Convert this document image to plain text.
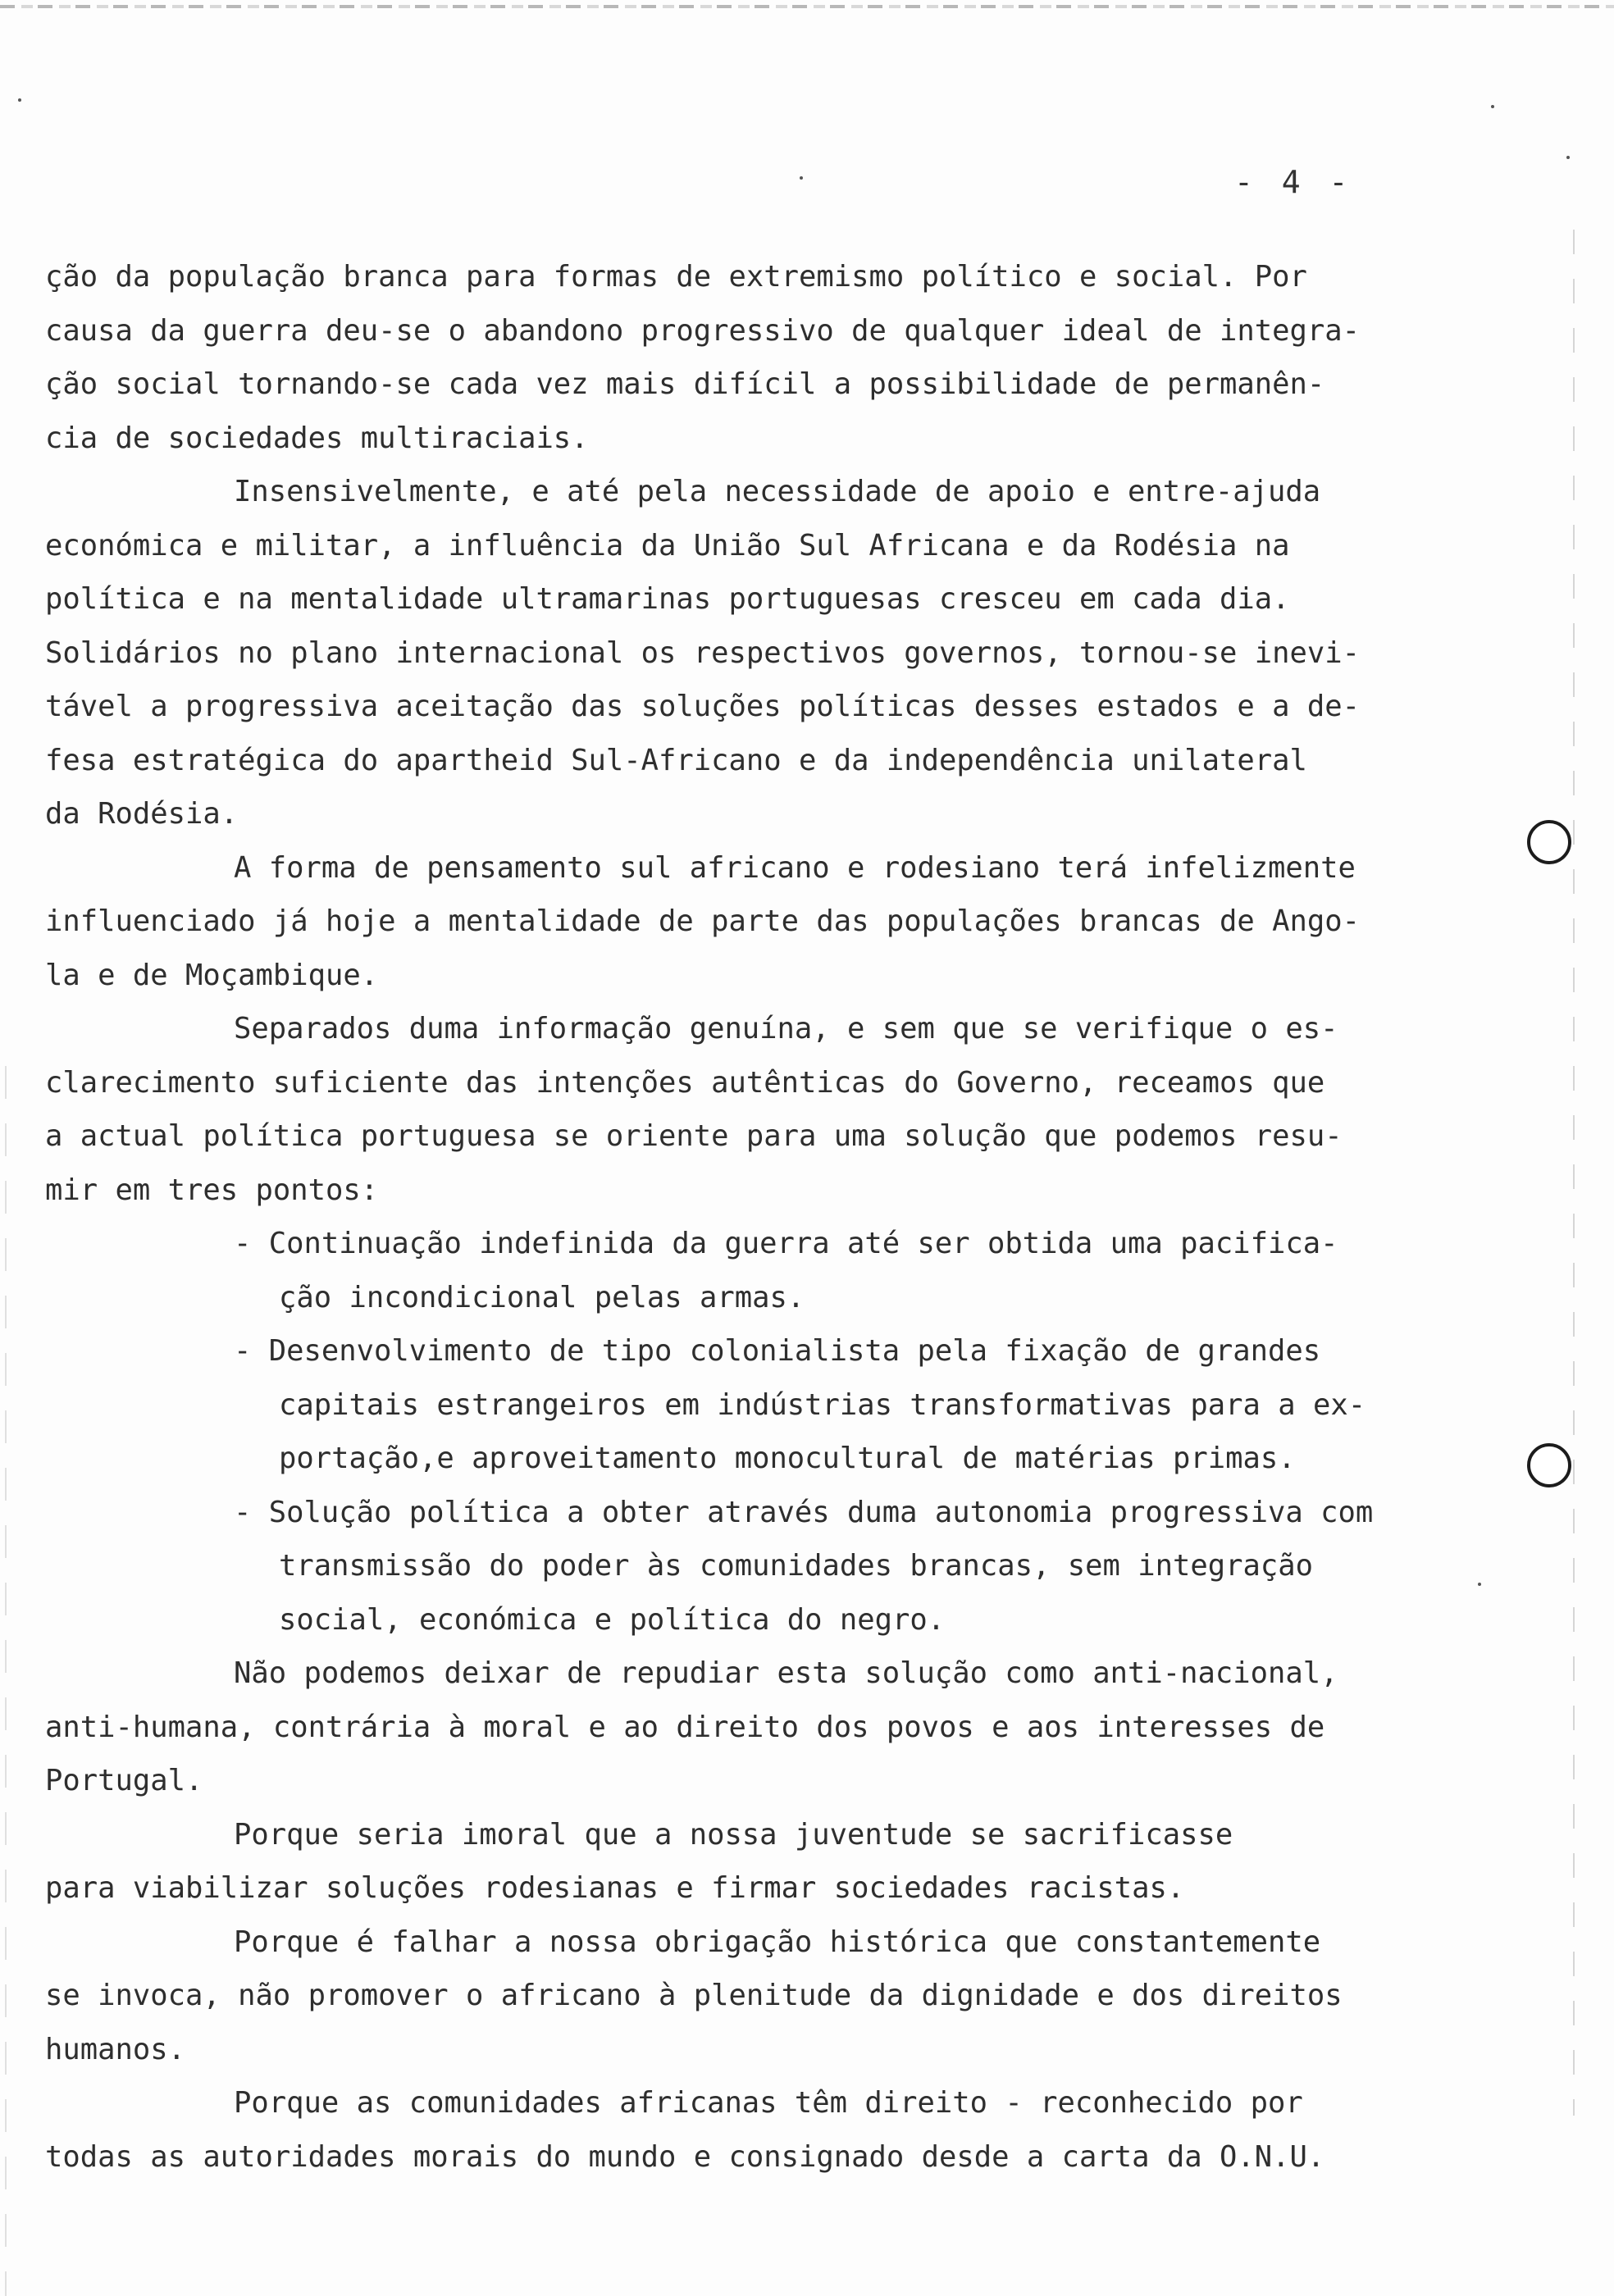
- 4 -
ção da população branca para formas de extremismo político e social. Por
causa da guerra deu-se o abandono progressivo de qualquer ideal de integra-
ção social tornando-se cada vez mais difícil a possibilidade de permanên-
cia de sociedades multiraciais.
Insensivelmente, e até pela necessidade de apoio e entre-ajuda
económica e militar, a influência da União Sul Africana e da Rodésia na
política e na mentalidade ultramarinas portuguesas cresceu em cada dia.
Solidários no plano internacional os respectivos governos, tornou-se inevi-
tável a progressiva aceitação das soluções políticas desses estados e a de-
fesa estratégica do apartheid Sul-Africano e da independência unilateral
da Rodésia.
A forma de pensamento sul africano e rodesiano terá infelizmente
influenciado já hoje a mentalidade de parte das populações brancas de Ango-
la e de Moçambique.
Separados duma informação genuína, e sem que se verifique o es-
clarecimento suficiente das intenções autênticas do Governo, receamos que
a actual política portuguesa se oriente para uma solução que podemos resu-
mir em tres pontos:
- Continuação indefinida da guerra até ser obtida uma pacifica-
ção incondicional pelas armas.
- Desenvolvimento de tipo colonialista pela fixação de grandes
capitais estrangeiros em indústrias transformativas para a ex-
portação,e aproveitamento monocultural de matérias primas.
- Solução política a obter através duma autonomia progressiva com
transmissão do poder às comunidades brancas, sem integração
social, económica e política do negro.
Não podemos deixar de repudiar esta solução como anti-nacional,
anti-humana, contrária à moral e ao direito dos povos e aos interesses de
Portugal.
Porque seria imoral que a nossa juventude se sacrificasse
para viabilizar soluções rodesianas e firmar sociedades racistas.
Porque é falhar a nossa obrigação histórica que constantemente
se invoca, não promover o africano à plenitude da dignidade e dos direitos
humanos.
Porque as comunidades africanas têm direito - reconhecido por
todas as autoridades morais do mundo e consignado desde a carta da O.N.U.
